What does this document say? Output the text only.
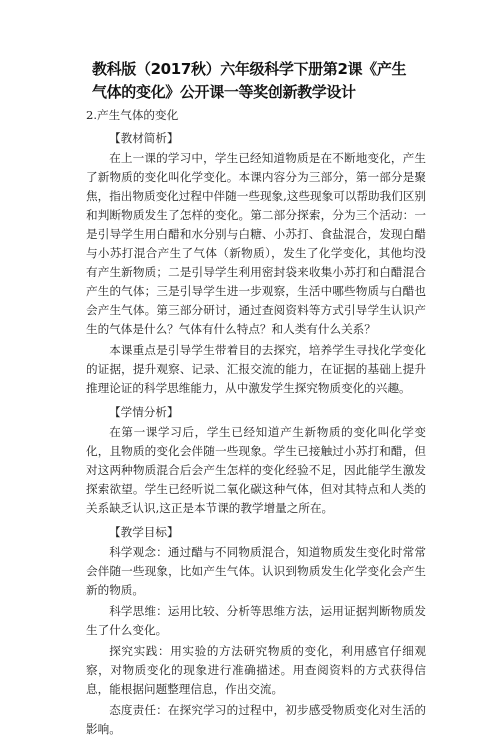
教科版（2017秋）六年级科学下册第2课《产生气体的变化》公开课一等奖创新教学设计

2.产生气体的变化

【教材简析】

在上一课的学习中，学生已经知道物质是在不断地变化，产生了新物质的变化叫化学变化。本课内容分为三部分，第一部分是聚焦，指出物质变化过程中伴随一些现象,这些现象可以帮助我们区别和判断物质发生了怎样的变化。第二部分探索，分为三个活动：一是引导学生用白醋和水分别与白糖、小苏打、食盐混合，发现白醋与小苏打混合产生了气体（新物质），发生了化学变化，其他均没有产生新物质；二是引导学生利用密封袋来收集小苏打和白醋混合产生的气体；三是引导学生进一步观察，生活中哪些物质与白醋也会产生气体。第三部分研讨，通过查阅资料等方式引导学生认识产生的气体是什么？气体有什么特点？和人类有什么关系？

本课重点是引导学生带着目的去探究，培养学生寻找化学变化的证据，提升观察、记录、汇报交流的能力，在证据的基础上提升推理论证的科学思维能力，从中激发学生探究物质变化的兴趣。

【学情分析】

在第一课学习后，学生已经知道产生新物质的变化叫化学变化，且物质的变化会伴随一些现象。学生已接触过小苏打和醋，但对这两种物质混合后会产生怎样的变化经验不足，因此能学生激发探索欲望。学生已经听说二氧化碳这种气体，但对其特点和人类的关系缺乏认识,这正是本节课的教学增量之所在。

【教学目标】

科学观念：通过醋与不同物质混合，知道物质发生变化时常常会伴随一些现象，比如产生气体。认识到物质发生化学变化会产生新的物质。

科学思维：运用比较、分析等思维方法，运用证据判断物质发生了什么变化。

探究实践：用实验的方法研究物质的变化，利用感官仔细观察，对物质变化的现象进行准确描述。用查阅资料的方式获得信息，能根据问题整理信息，作出交流。

态度责任：在探究学习的过程中，初步感受物质变化对生活的影响。
